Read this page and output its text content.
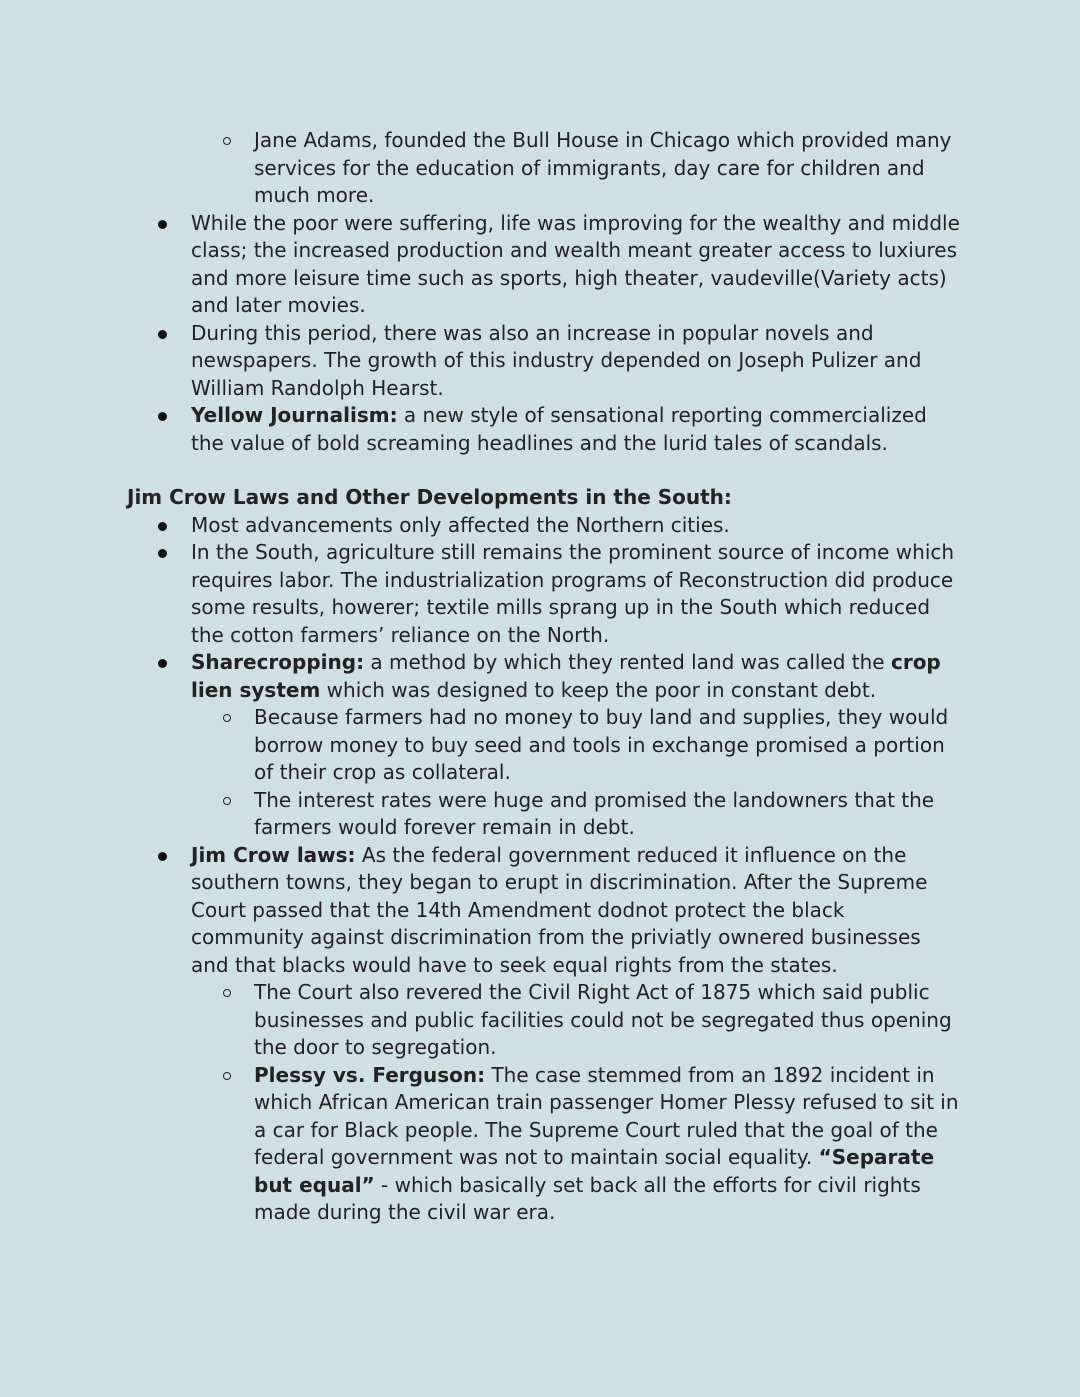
Jane Adams, founded the Bull House in Chicago which provided many services for the education of immigrants, day care for children and much more.
While the poor were suffering, life was improving for the wealthy and middle class; the increased production and wealth meant greater access to luxiures and more leisure time such as sports, high theater, vaudeville(Variety acts) and later movies.
During this period, there was also an increase in popular novels and newspapers. The growth of this industry depended on Joseph Pulizer and William Randolph Hearst.
Yellow Journalism: a new style of sensational reporting commercialized the value of bold screaming headlines and the lurid tales of scandals.
Jim Crow Laws and Other Developments in the South:
Most advancements only affected the Northern cities.
In the South, agriculture still remains the prominent source of income which requires labor. The industrialization programs of Reconstruction did produce some results, howerer; textile mills sprang up in the South which reduced the cotton farmers’ reliance on the North.
Sharecropping: a method by which they rented land was called the crop lien system which was designed to keep the poor in constant debt.
Because farmers had no money to buy land and supplies, they would borrow money to buy seed and tools in exchange promised a portion of their crop as collateral.
The interest rates were huge and promised the landowners that the farmers would forever remain in debt.
Jim Crow laws: As the federal government reduced it influence on the southern towns, they began to erupt in discrimination. After the Supreme Court passed that the 14th Amendment dodnot protect the black community against discrimination from the priviatly ownered businesses and that blacks would have to seek equal rights from the states.
The Court also revered the Civil Right Act of 1875 which said public businesses and public facilities could not be segregated thus opening the door to segregation.
Plessy vs. Ferguson: The case stemmed from an 1892 incident in which African American train passenger Homer Plessy refused to sit in a car for Black people. The Supreme Court ruled that the goal of the federal government was not to maintain social equality. “Separate but equal” - which basically set back all the efforts for civil rights made during the civil war era.
